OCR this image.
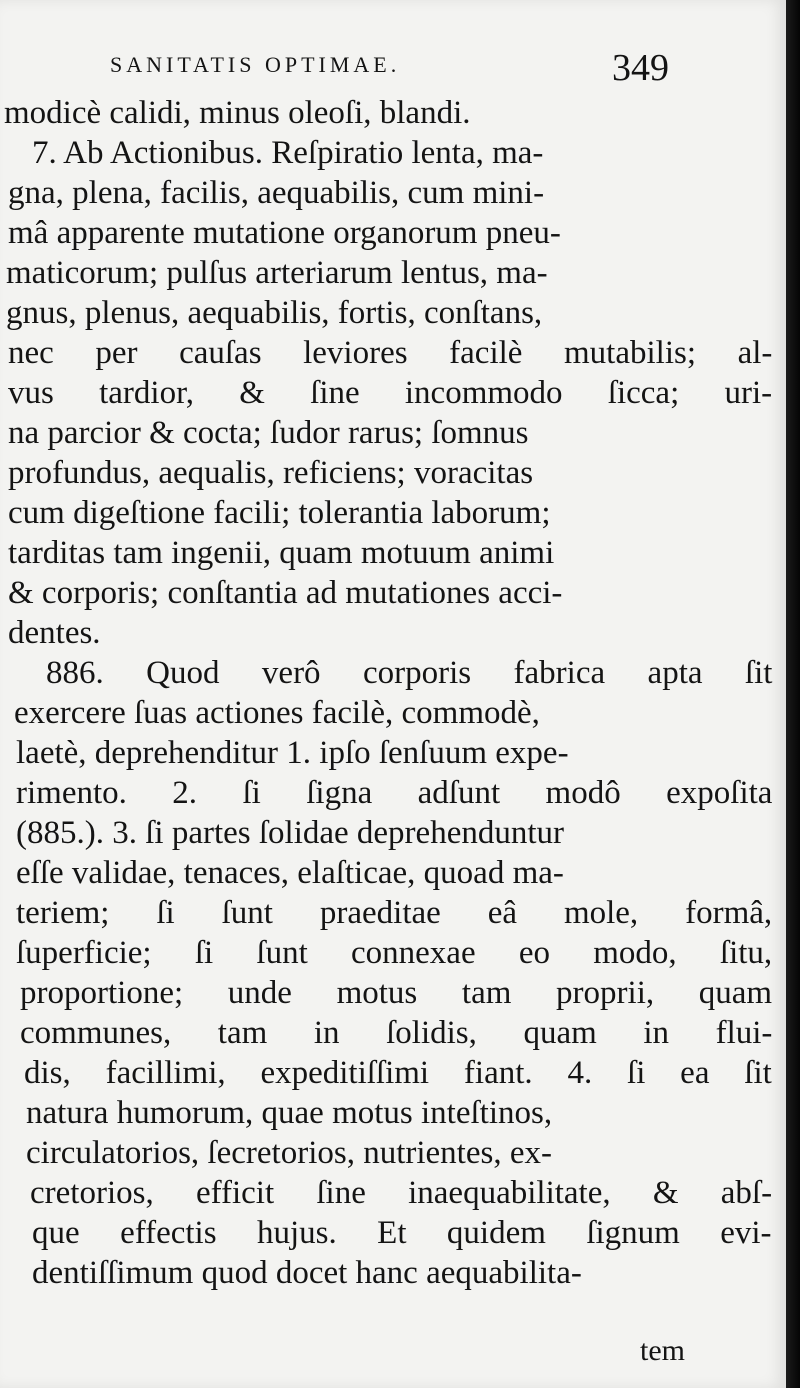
SANITATIS OPTIMAE.	349
modicè calidi, minus oleoſi, blandi.
7. Ab Actionibus. Reſpiratio lenta, ma-
gna, plena, facilis, aequabilis, cum mini-
mâ apparente mutatione organorum pneu-
maticorum; pulſus arteriarum lentus, ma-
gnus, plenus, aequabilis, fortis, conſtans,
nec per cauſas leviores facilè mutabilis; al-
vus tardior, & ſine incommodo ſicca; uri-
na parcior & cocta; ſudor rarus; ſomnus
profundus, aequalis, reficiens; voracitas
cum digeſtione facili; tolerantia laborum;
tarditas tam ingenii, quam motuum animi
& corporis; conſtantia ad mutationes acci-
dentes.
886. Quod verô corporis fabrica apta ſit
exercere ſuas actiones facilè, commodè,
laetè, deprehenditur 1. ipſo ſenſuum expe-
rimento. 2. ſi ſigna adſunt modô expoſita
(885.). 3. ſi partes ſolidae deprehenduntur
eſſe validae, tenaces, elaſticae, quoad ma-
teriem; ſi ſunt praeditae eâ mole, formâ,
ſuperficie; ſi ſunt connexae eo modo, ſitu,
proportione; unde motus tam proprii, quam
communes, tam in ſolidis, quam in flui-
dis, facillimi, expeditiſſimi fiant. 4. ſi ea ſit
natura humorum, quae motus inteſtinos,
circulatorios, ſecretorios, nutrientes, ex-
cretorios, efficit ſine inaequabilitate, & abſ-
que effectis hujus. Et quidem ſignum evi-
dentiſſimum quod docet hanc aequabilita-
tem
